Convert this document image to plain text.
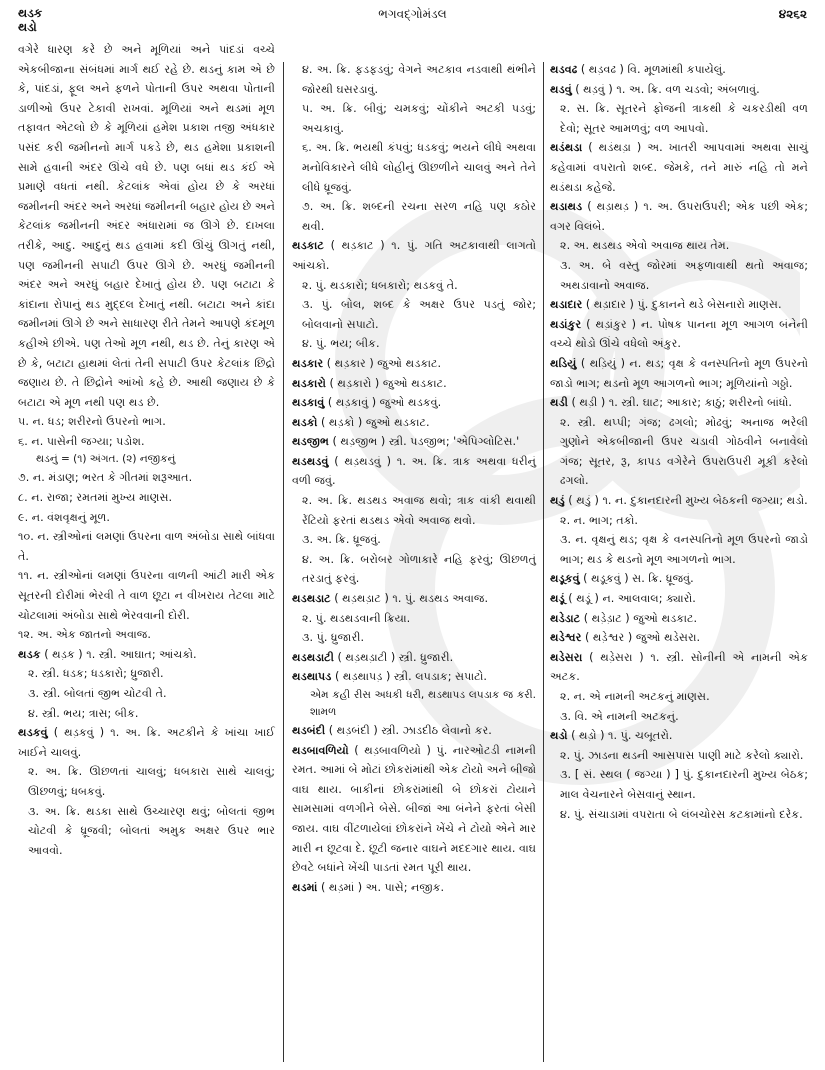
થડક
થડો
ભગવદ્‌ગોમંડલ	૪૨૬૨
વગેરે ધારણ કરે છે અને મૂળિયાં અને પાંદડાં વચ્ચે એકબીજાના સંબંધમાં માર્ગ થઈ રહે છે. થડનું કામ એ છે કે, પાંદડાં, ફૂલ અને ફળને પોતાની ઉપર અથવા પોતાની ડાળીઓ ઉપર ટેકાવી રાખવાં. મૂળિયાં અને થડમાં મૂળ તફાવત એટલો છે કે મૂળિયાં હમેશ પ્રકાશ તજી અંધકાર પસંદ કરી જમીનનો માર્ગ પકડે છે, થડ હમેશા પ્રકાશની સામે હવાની અંદર ઊંચે વધે છે. પણ બધાં થડ કંઈ એ પ્રમાણે વધતાં નથી. કેટલાંક એવાં હોય છે કે અરધાં જમીનની અંદર અને અરધાં જમીનની બહાર હોય છે અને કેટલાંક જમીનની અંદર અંધારામાં જ ઊગે છે. દાખલા તરીકે, આદુ. આદુનું થડ હવામાં કદી ઊંચું ઊગતું નથી, પણ જમીનની સપાટી ઉપર ઊગે છે. અરધું જમીનની અંદર અને અરધું બહાર દેખાતું હોય છે. પણ બટાટા કે કાંદાના રોપાનું થડ મુદ્દલ દેખાતું નથી. બટાટા અને કાંદા જમીનમાં ઊગે છે અને સાધારણ રીતે તેમને આપણે કંદમૂળ કહીએ છીએ. પણ તેઓ મૂળ નથી, થડ છે. તેનું કારણ એ છે કે, બટાટા હાથમાં લેતાં તેની સપાટી ઉપર કેટલાંક છિદ્રો જણાય છે. તે છિદ્રોને આંખો કહે છે. આથી જણાય છે કે બટાટા એ મૂળ નથી પણ થડ છે.
૫. ન. ધડ; શરીરનો ઉપરનો ભાગ.
૬. ન. પાસેની જગ્યા; પડોશ.
થડનું = (૧) અંગત. (૨) નજીકનું
૭. ન. મંડાણ; ભરત કે ગીતમાં શરૂઆત.
૮. ન. રાજા; રમતમાં મુખ્ય માણસ.
૯. ન. વંશવૃક્ષનું મૂળ.
૧૦. ન. સ્ત્રીઓનાં લમણાં ઉપરના વાળ અંબોડા સાથે બાંધવા તે.
૧૧. ન. સ્ત્રીઓનાં લમણાં ઉપરના વાળની આંટી મારી એક સૂતરની દોરીમાં ભેરવી તે વાળ છૂટા ન વીખરાય તેટલા માટે ચોટલામાં અંબોડા સાથે ભેરવવાની દોરી.
૧૨. અ. એક જાતનો અવાજ.
થડક ( થડ઼ક ) ૧. સ્ત્રી. આઘાત; આંચકો.
૨. સ્ત્રી. ધડક; ધડકારો; ધ્રુજારી.
૩. સ્ત્રી. બોલતાં જીભ ચોટવી તે.
૪. સ્ત્રી. ભય; ત્રાસ; બીક.
થડકવું ( થડ઼કવું ) ૧. અ. ક્રિ. અટકીને કે ખાંચા ખાઈ ખાઈને ચાલવું.
૨. અ. ક્રિ. ઊછળતાં ચાલવું; ધબકારા સાથે ચાલવું; ઊછળવું; ધબકવું.
૩. અ. ક્રિ. થડકા સાથે ઉચ્ચારણ થવું; બોલતાં જીભ ચોટવી કે ધ્રૂજવી; બોલતાં અમુક અક્ષર ઉપર ભાર આવવો.
૪. અ. ક્રિ. ફડફડવું; વેગને અટકાવ નડવાથી થંભીને જોરથી ઘસરડાવું.
૫. અ. ક્રિ. બીવું; ચમકવું; ચોંકીને અટકી પડવું; અચકાવું.
૬. અ. ક્રિ. ભયથી કંપવું; ધડકવું; ભયને લીધે અથવા મનોવિકારને લીધે લોહીનું ઊછળીને ચાલવું અને તેને લીધે ધ્રૂજવું.
૭. અ. ક્રિ. શબ્દની રચના સરળ નહિ પણ કઠોર થવી.
થડકાટ ( થડ઼કાટ ) ૧. પું. ગતિ અટકાવાથી લાગતો આંચકો.
૨. પું. થડકારો; ધબકારો; થડકવું તે.
૩. પું. બોલ, શબ્દ કે અક્ષર ઉપર પડતું જોર; બોલવાનો સપાટો.
૪. પું. ભય; બીક.
થડકાર ( થડ઼કાર ) જુઓ થડકાટ.
થડકારો ( થડ઼કારો ) જુઓ થડકાટ.
થડકાવું ( થડ઼કાવું ) જુઓ થડકવું.
થડકો ( થડ઼કો ) જુઓ થડકાટ.
થડજીભ ( થડ઼જીભ ) સ્ત્રી. પડજીભ; 'એપિગ્લોટિસ.'
થડથડવું ( થડ઼થડવું ) ૧. અ. ક્રિ. ત્રાક અથવા ધરીનું વળી જવું.
૨. અ. ક્રિ. થડથડ અવાજ થવો; ત્રાક વાંકી થવાથી રેંટિયો ફરતાં થડથડ એવો અવાજ થવો.
૩. અ. ક્રિ. ધ્રૂજવું.
૪. અ. ક્રિ. બરોબર ગોળાકારે નહિ ફરવું; ઊછળતું તરડાતું ફરવું.
થડથડાટ ( થડ઼થડ઼ાટ ) ૧. પું. થડથડ અવાજ.
૨. પું. થડથડવાની ક્રિયા.
૩. પું. ધ્રુજારી.
થડથડાટી ( થડ઼થડ઼ાટી ) સ્ત્રી. ધ્રુજારી.
થડથાપડ ( થડ઼થાપડ઼ ) સ્ત્રી. લપડાક; સપાટો.
એમ કહી રીસ અધકી ધરી, થડથાપડ લપડાક જ કરી. શામળ
થડબંદી ( થડ઼બંદી ) સ્ત્રી. ઝાડદીઠ લેવાનો કર.
થડબાવળિયો ( થડ઼બાવળિયો ) પું. નારઓટડી નામની રમત. આમાં બે મોટાં છોકરાંમાંથી એક ટોયો અને બીજો વાઘ થાય. બાકીનાં છોકરાંમાંથી બે છોકરાં ટોયાને સામસામાં વળગીને બેસે. બીજાં આ બંનેને ફરતાં બેસી જાય. વાઘ વીંટળાયેલાં છોકરાંને ખેંચે ને ટોયો એને માર મારી ન છૂટવા દે. છૂટી જનાર વાઘને મદદગાર થાય. વાઘ છેવટે બધાંને ખેંચી પાડતાં રમત પૂરી થાય.
થડમાં ( થડ઼માં ) અ. પાસે; નજીક.
થડવઢ ( થડ઼વઢ ) વિ. મૂળમાંથી કપાયેલું.
થડવું ( થડ઼વું ) ૧. અ. ક્રિ. વળ ચડવો; અંબળાવું.
૨. સ. ક્રિ. સૂતરને ફોજની ત્રાકથી કે ચકરડીથી વળ દેવો; સૂતર આમળવું; વળ આપવો.
થડંથડા ( થડંથડ઼ા ) અ. ખાતરી આપવામાં અથવા સાચું કહેવામાં વપરાતો શબ્દ. જેમકે, તને મારું નહિ તો મને થડંથડા કહેજે.
થડાથડ ( થડ઼ાથડ઼ ) ૧. અ. ઉપરાઉપરી; એક પછી એક; વગર વિલંબે.
૨. અ. થડથડ એવો અવાજ થાય તેમ.
૩. અ. બે વસ્તુ જોરમાં અફળાવાથી થતો અવાજ; અથડાવાનો અવાજ.
થડાદાર ( થડ઼ાદાર ) પું. દુકાનને થડે બેસનારો માણસ.
થડાંકુર ( થડ઼ાંકુર ) ન. પોષક પાનના મૂળ આગળ બંનેની વચ્ચે થોડો ઊંચે વધેલો અંકુર.
થડિયું ( થડ઼િયું ) ન. થડ; વૃક્ષ કે વનસ્પતિનો મૂળ ઉપરનો જાડો ભાગ; થડનો મૂળ આગળનો ભાગ; મૂળિયાંનો ગઠ્ઠો.
થડી ( થડ઼ી ) ૧. સ્ત્રી. ઘાટ; આકાર; કાઠું; શરીરનો બાંધો.
૨. સ્ત્રી. થપ્પી; ગંજ; ઢગલો; મોઢવું; અનાજ ભરેલી ગુણોને એકબીજાની ઉપર ચડાવી ગોઠવીને બનાવેલો ગંજ; સૂતર, રૂ, કાપડ વગેરેને ઉપરાઉપરી મૂકી કરેલો ઢગલો.
થડું ( થડ઼ું ) ૧. ન. દુકાનદારની મુખ્ય બેઠકની જગ્યા; થડો.
૨. ન. ભાગ; તકો.
૩. ન. વૃક્ષનું થડ; વૃક્ષ કે વનસ્પતિનો મૂળ ઉપરનો જાડો ભાગ; થડ કે થડનો મૂળ આગળનો ભાગ.
થડૂકવું ( થડ઼ૂકવું ) સ. ક્રિ. ધ્રૂજવું.
થડૂં ( થડ઼ૂં ) ન. આલવાલ; ક્યારો.
થડેડાટ ( થડ઼ેડ઼ાટ ) જુઓ થડકાટ.
થડેશ્વર ( થડ઼ેશ્વર ) જુઓ થડેસરા.
થડેસરા ( થડ઼ેસરા ) ૧. સ્ત્રી. સોનીની એ નામની એક અટક.
૨. ન. એ નામની અટકનું માણસ.
૩. વિ. એ નામની અટકનું.
થડો ( થડ઼ો ) ૧. પું. ચબૂતરો.
૨. પું. ઝાડના થડની આસપાસ પાણી માટે કરેલો ક્યારો.
૩. [ સં. સ્થલ ( જગ્યા ) ] પું. દુકાનદારની મુખ્ય બેઠક; માલ વેચનારને બેસવાનું સ્થાન.
૪. પું. સંચાડામાં વપરાતા બે લંબચોરસ કટકામાંનો દરેક.
